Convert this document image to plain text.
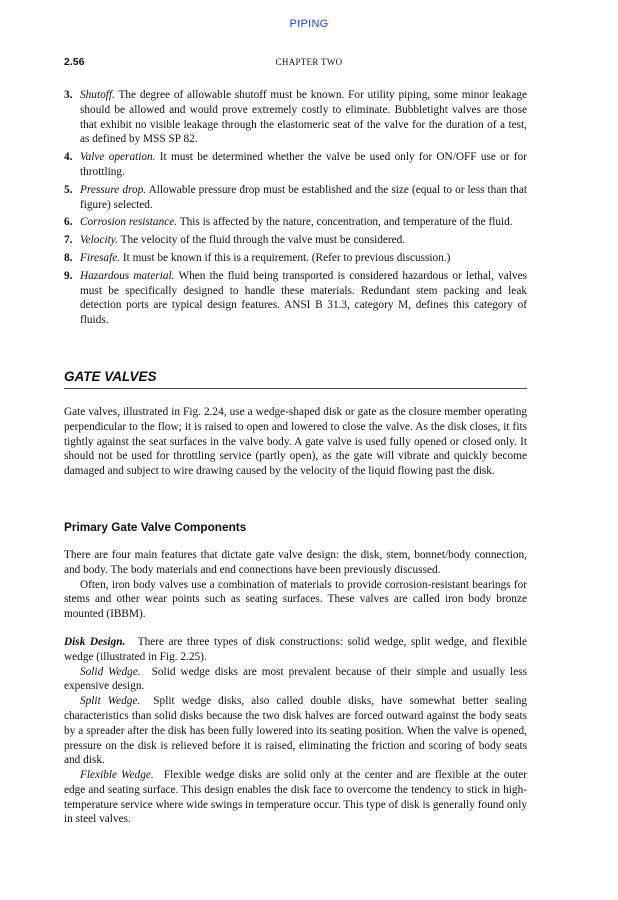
PIPING
2.56	CHAPTER TWO
3. Shutoff. The degree of allowable shutoff must be known. For utility piping, some minor leakage should be allowed and would prove extremely costly to eliminate. Bubbletight valves are those that exhibit no visible leakage through the elastomeric seat of the valve for the duration of a test, as defined by MSS SP 82.
4. Valve operation. It must be determined whether the valve be used only for ON/OFF use or for throttling.
5. Pressure drop. Allowable pressure drop must be established and the size (equal to or less than that figure) selected.
6. Corrosion resistance. This is affected by the nature, concentration, and temperature of the fluid.
7. Velocity. The velocity of the fluid through the valve must be considered.
8. Firesafe. It must be known if this is a requirement. (Refer to previous discussion.)
9. Hazardous material. When the fluid being transported is considered hazardous or lethal, valves must be specifically designed to handle these materials. Redundant stem packing and leak detection ports are typical design features. ANSI B 31.3, category M, defines this category of fluids.
GATE VALVES

Gate valves, illustrated in Fig. 2.24, use a wedge-shaped disk or gate as the closure member operating perpendicular to the flow; it is raised to open and lowered to close the valve. As the disk closes, it fits tightly against the seat surfaces in the valve body. A gate valve is used fully opened or closed only. It should not be used for throttling service (partly open), as the gate will vibrate and quickly become damaged and subject to wire drawing caused by the velocity of the liquid flowing past the disk.

Primary Gate Valve Components

There are four main features that dictate gate valve design: the disk, stem, bonnet/body connection, and body. The body materials and end connections have been previously discussed.

Often, iron body valves use a combination of materials to provide corrosion-resistant bearings for stems and other wear points such as seating surfaces. These valves are called iron body bronze mounted (IBBM).

Disk Design. There are three types of disk constructions: solid wedge, split wedge, and flexible wedge (illustrated in Fig. 2.25).

Solid Wedge. Solid wedge disks are most prevalent because of their simple and usually less expensive design.

Split Wedge. Split wedge disks, also called double disks, have somewhat better sealing characteristics than solid disks because the two disk halves are forced outward against the body seats by a spreader after the disk has been fully lowered into its seating position. When the valve is opened, pressure on the disk is relieved before it is raised, eliminating the friction and scoring of body seats and disk.

Flexible Wedge. Flexible wedge disks are solid only at the center and are flexible at the outer edge and seating surface. This design enables the disk face to overcome the tendency to stick in high-temperature service where wide swings in temperature occur. This type of disk is generally found only in steel valves.
